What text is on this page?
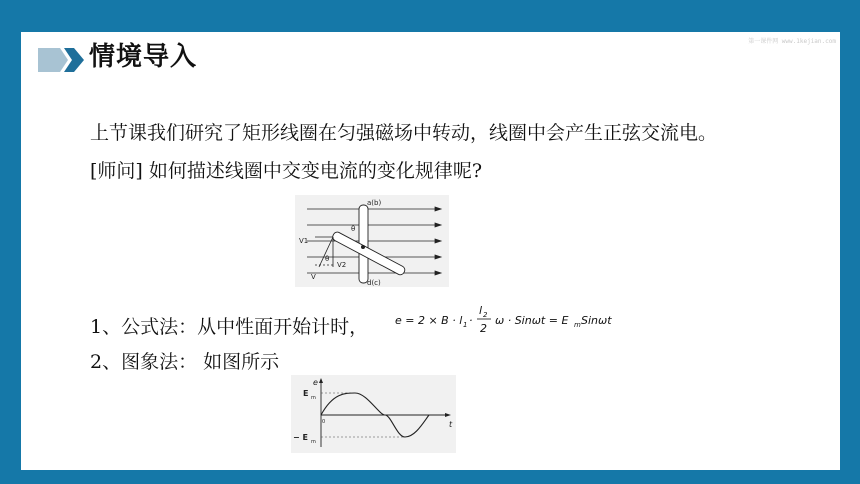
情境导入
第一课件网 www.1kejian.com
上节课我们研究了矩形线圈在匀强磁场中转动，线圈中会产生正弦交流电。
[师问] 如何描述线圈中交变电流的变化规律呢?
a(b)
d(c)
θ
θ
V1
V2
V
1、公式法：从中性面开始计时， e = 2 × B · l 1 ·
l 2
2
ω · Sinωt = E m Sinωt
2、图象法： 如图所示
e
t
E m
− E m
0
